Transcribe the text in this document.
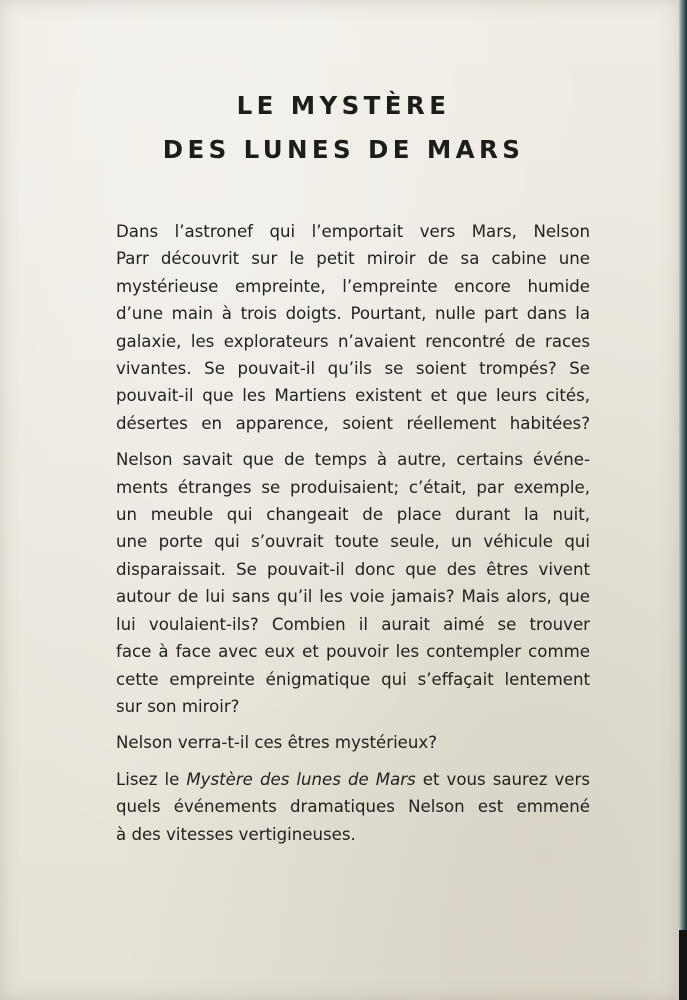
LE MYSTÈRE
DES LUNES DE MARS
Dans l’astronef qui l’emportait vers Mars, Nelson
Parr découvrit sur le petit miroir de sa cabine une
mystérieuse empreinte, l’empreinte encore humide
d’une main à trois doigts. Pourtant, nulle part dans la
galaxie, les explorateurs n’avaient rencontré de races
vivantes. Se pouvait-il qu’ils se soient trompés? Se
pouvait-il que les Martiens existent et que leurs cités,
désertes en apparence, soient réellement habitées?
Nelson savait que de temps à autre, certains événe-
ments étranges se produisaient; c’était, par exemple,
un meuble qui changeait de place durant la nuit,
une porte qui s’ouvrait toute seule, un véhicule qui
disparaissait. Se pouvait-il donc que des êtres vivent
autour de lui sans qu’il les voie jamais? Mais alors, que
lui voulaient-ils? Combien il aurait aimé se trouver
face à face avec eux et pouvoir les contempler comme
cette empreinte énigmatique qui s’effaçait lentement
sur son miroir?
Nelson verra-t-il ces êtres mystérieux?
Lisez le Mystère des lunes de Mars et vous saurez vers
quels événements dramatiques Nelson est emmené
à des vitesses vertigineuses.
